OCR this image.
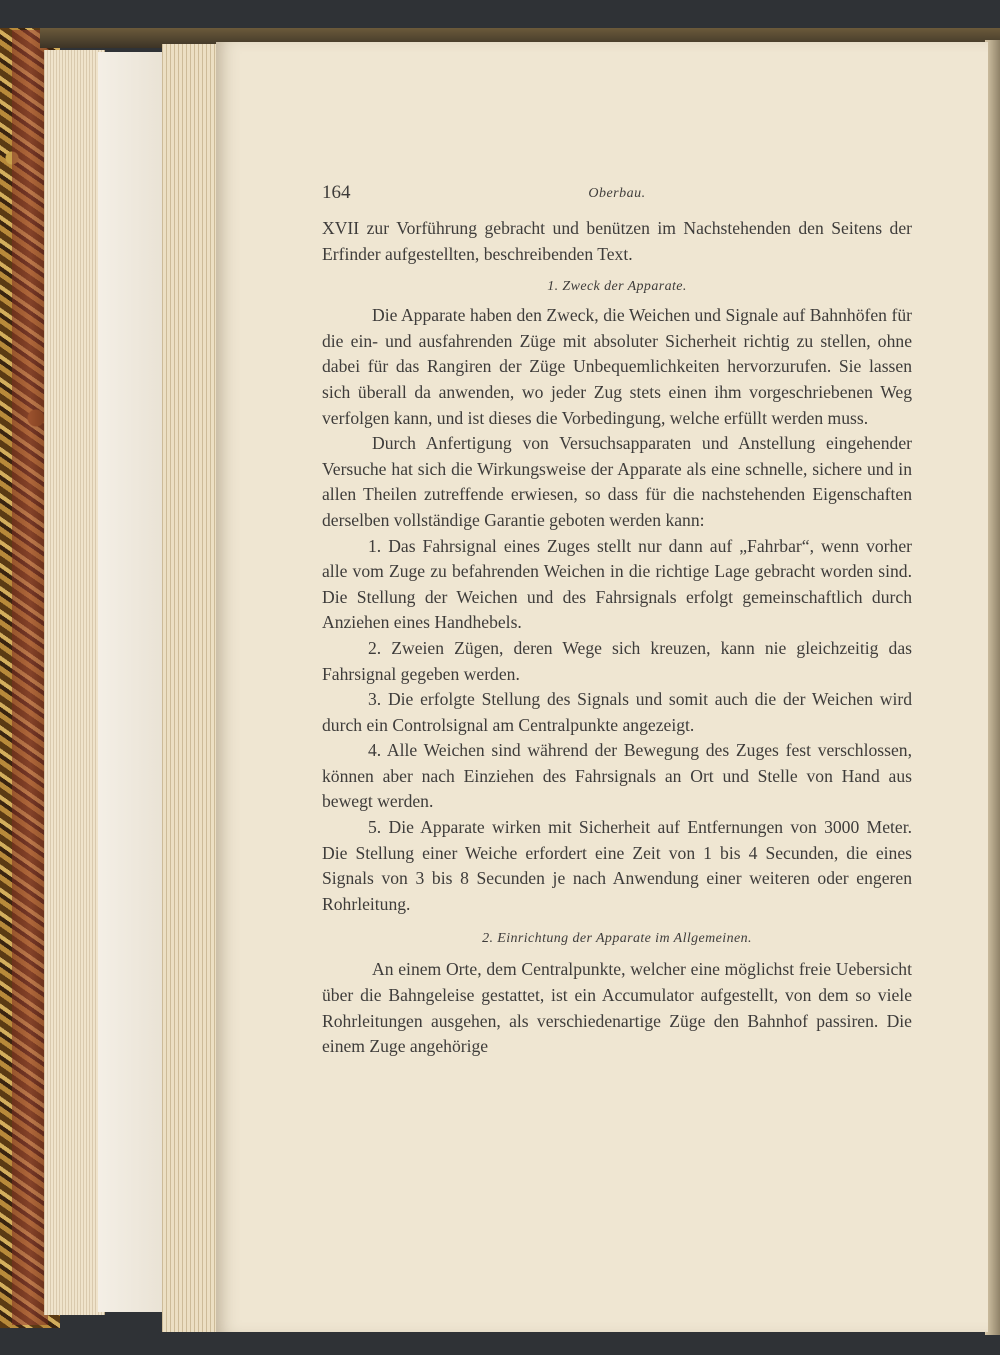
164	Oberbau.

XVII zur Vorführung gebracht und benützen im Nachstehenden den Seitens der Erfinder aufgestellten, beschreibenden Text.

1. Zweck der Apparate.

Die Apparate haben den Zweck, die Weichen und Signale auf Bahnhöfen für die ein- und ausfahrenden Züge mit absoluter Sicherheit richtig zu stellen, ohne dabei für das Rangiren der Züge Unbequemlichkeiten hervorzurufen. Sie lassen sich überall da anwenden, wo jeder Zug stets einen ihm vorgeschriebenen Weg verfolgen kann, und ist dieses die Vorbedingung, welche erfüllt werden muss.

Durch Anfertigung von Versuchsapparaten und Anstellung eingehender Versuche hat sich die Wirkungsweise der Apparate als eine schnelle, sichere und in allen Theilen zutreffende erwiesen, so dass für die nachstehenden Eigenschaften derselben vollständige Garantie geboten werden kann:

1. Das Fahrsignal eines Zuges stellt nur dann auf „Fahrbar“, wenn vorher alle vom Zuge zu befahrenden Weichen in die richtige Lage gebracht worden sind. Die Stellung der Weichen und des Fahrsignals erfolgt gemeinschaftlich durch Anziehen eines Handhebels.

2. Zweien Zügen, deren Wege sich kreuzen, kann nie gleichzeitig das Fahrsignal gegeben werden.

3. Die erfolgte Stellung des Signals und somit auch die der Weichen wird durch ein Controlsignal am Centralpunkte angezeigt.

4. Alle Weichen sind während der Bewegung des Zuges fest verschlossen, können aber nach Einziehen des Fahrsignals an Ort und Stelle von Hand aus bewegt werden.

5. Die Apparate wirken mit Sicherheit auf Entfernungen von 3000 Meter. Die Stellung einer Weiche erfordert eine Zeit von 1 bis 4 Secunden, die eines Signals von 3 bis 8 Secunden je nach Anwendung einer weiteren oder engeren Rohrleitung.

2. Einrichtung der Apparate im Allgemeinen.

An einem Orte, dem Centralpunkte, welcher eine möglichst freie Uebersicht über die Bahngeleise gestattet, ist ein Accumulator aufgestellt, von dem so viele Rohrleitungen ausgehen, als verschiedenartige Züge den Bahnhof passiren. Die einem Zuge angehörige
